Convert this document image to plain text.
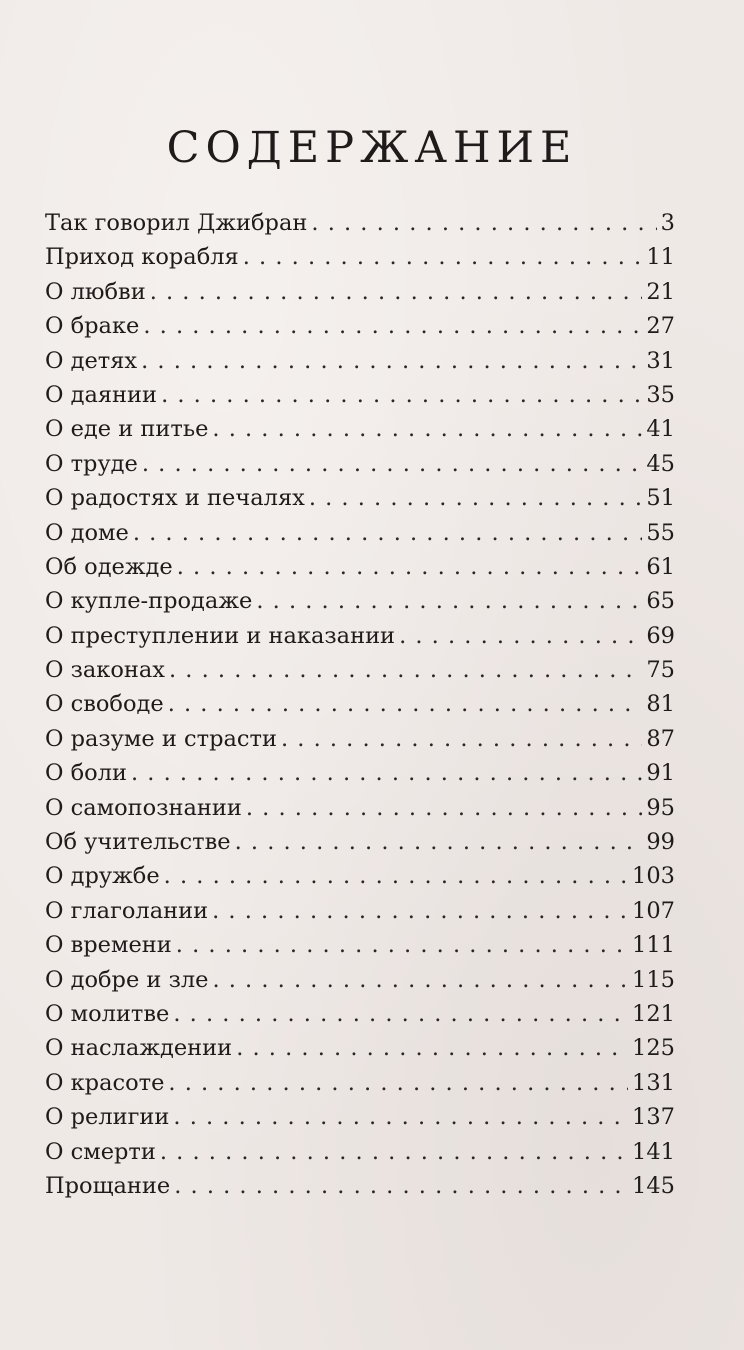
СОДЕРЖАНИЕ
Так говорил Джибран . . .	3
Приход корабля . . .	11
О любви . . .	21
О браке . . .	27
О детях . . .	31
О даянии . . .	35
О еде и питье . . .	41
О труде . . .	45
О радостях и печалях . . .	51
О доме . . .	55
Об одежде . . .	61
О купле-продаже . . .	65
О преступлении и наказании . . .	69
О законах . . .	75
О свободе . . .	81
О разуме и страсти . . .	87
О боли . . .	91
О самопознании . . .	95
Об учительстве . . .	99
О дружбе . . .	103
О глаголании . . .	107
О времени . . .	111
О добре и зле . . .	115
О молитве . . .	121
О наслаждении . . .	125
О красоте . . .	131
О религии . . .	137
О смерти . . .	141
Прощание . . .	145
